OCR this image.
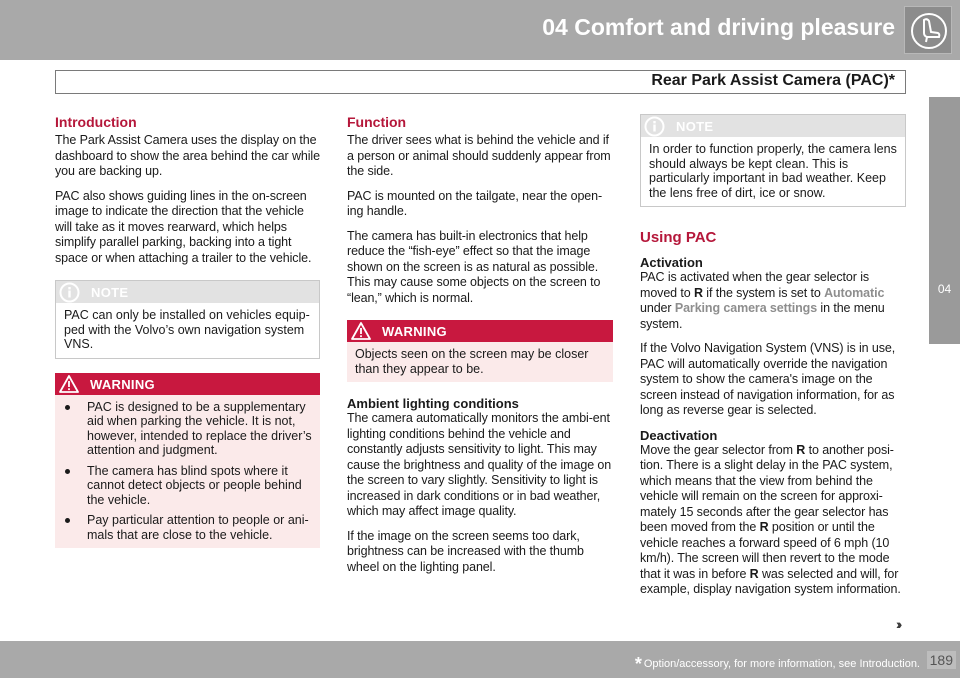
04 Comfort and driving pleasure
Rear Park Assist Camera (PAC)*
04
Introduction

The Park Assist Camera uses the display on the dashboard to show the area behind the car while you are backing up.

PAC also shows guiding lines in the on-screen image to indicate the direction that the vehicle will take as it moves rearward, which helps simplify parallel parking, backing into a tight space or when attaching a trailer to the vehicle.

NOTE
PAC can only be installed on vehicles equip-ped with the Volvo’s own navigation system VNS.
WARNING
PAC is designed to be a supplementary aid when parking the vehicle. It is not, however, intended to replace the driver’s attention and judgment.
The camera has blind spots where it cannot detect objects or people behind the vehicle.
Pay particular attention to people or ani-mals that are close to the vehicle.
Function

The driver sees what is behind the vehicle and if a person or animal should suddenly appear from the side.

PAC is mounted on the tailgate, near the open-ing handle.

The camera has built-in electronics that help reduce the “fish-eye” effect so that the image shown on the screen is as natural as possible. This may cause some objects on the screen to “lean,” which is normal.

WARNING
Objects seen on the screen may be closer than they appear to be.
Ambient lighting conditions

The camera automatically monitors the ambi-ent lighting conditions behind the vehicle and constantly adjusts sensitivity to light. This may cause the brightness and quality of the image on the screen to vary slightly. Sensitivity to light is increased in dark conditions or in bad weather, which may affect image quality.

If the image on the screen seems too dark, brightness can be increased with the thumb wheel on the lighting panel.

NOTE
In order to function properly, the camera lens should always be kept clean. This is particularly important in bad weather. Keep the lens free of dirt, ice or snow.
Using PAC
Activation

PAC is activated when the gear selector is moved to R if the system is set to Automatic under Parking camera settings in the menu system.

If the Volvo Navigation System (VNS) is in use, PAC will automatically override the navigation system to show the camera's image on the screen instead of navigation information, for as long as reverse gear is selected.

Deactivation

Move the gear selector from R to another posi-tion. There is a slight delay in the PAC system, which means that the view from behind the vehicle will remain on the screen for approxi-mately 15 seconds after the gear selector has been moved from the R position or until the vehicle reaches a forward speed of 6 mph (10 km/h). The screen will then revert to the mode that it was in before R was selected and will, for example, display navigation system information.

››
* Option/accessory, for more information, see Introduction. 189
